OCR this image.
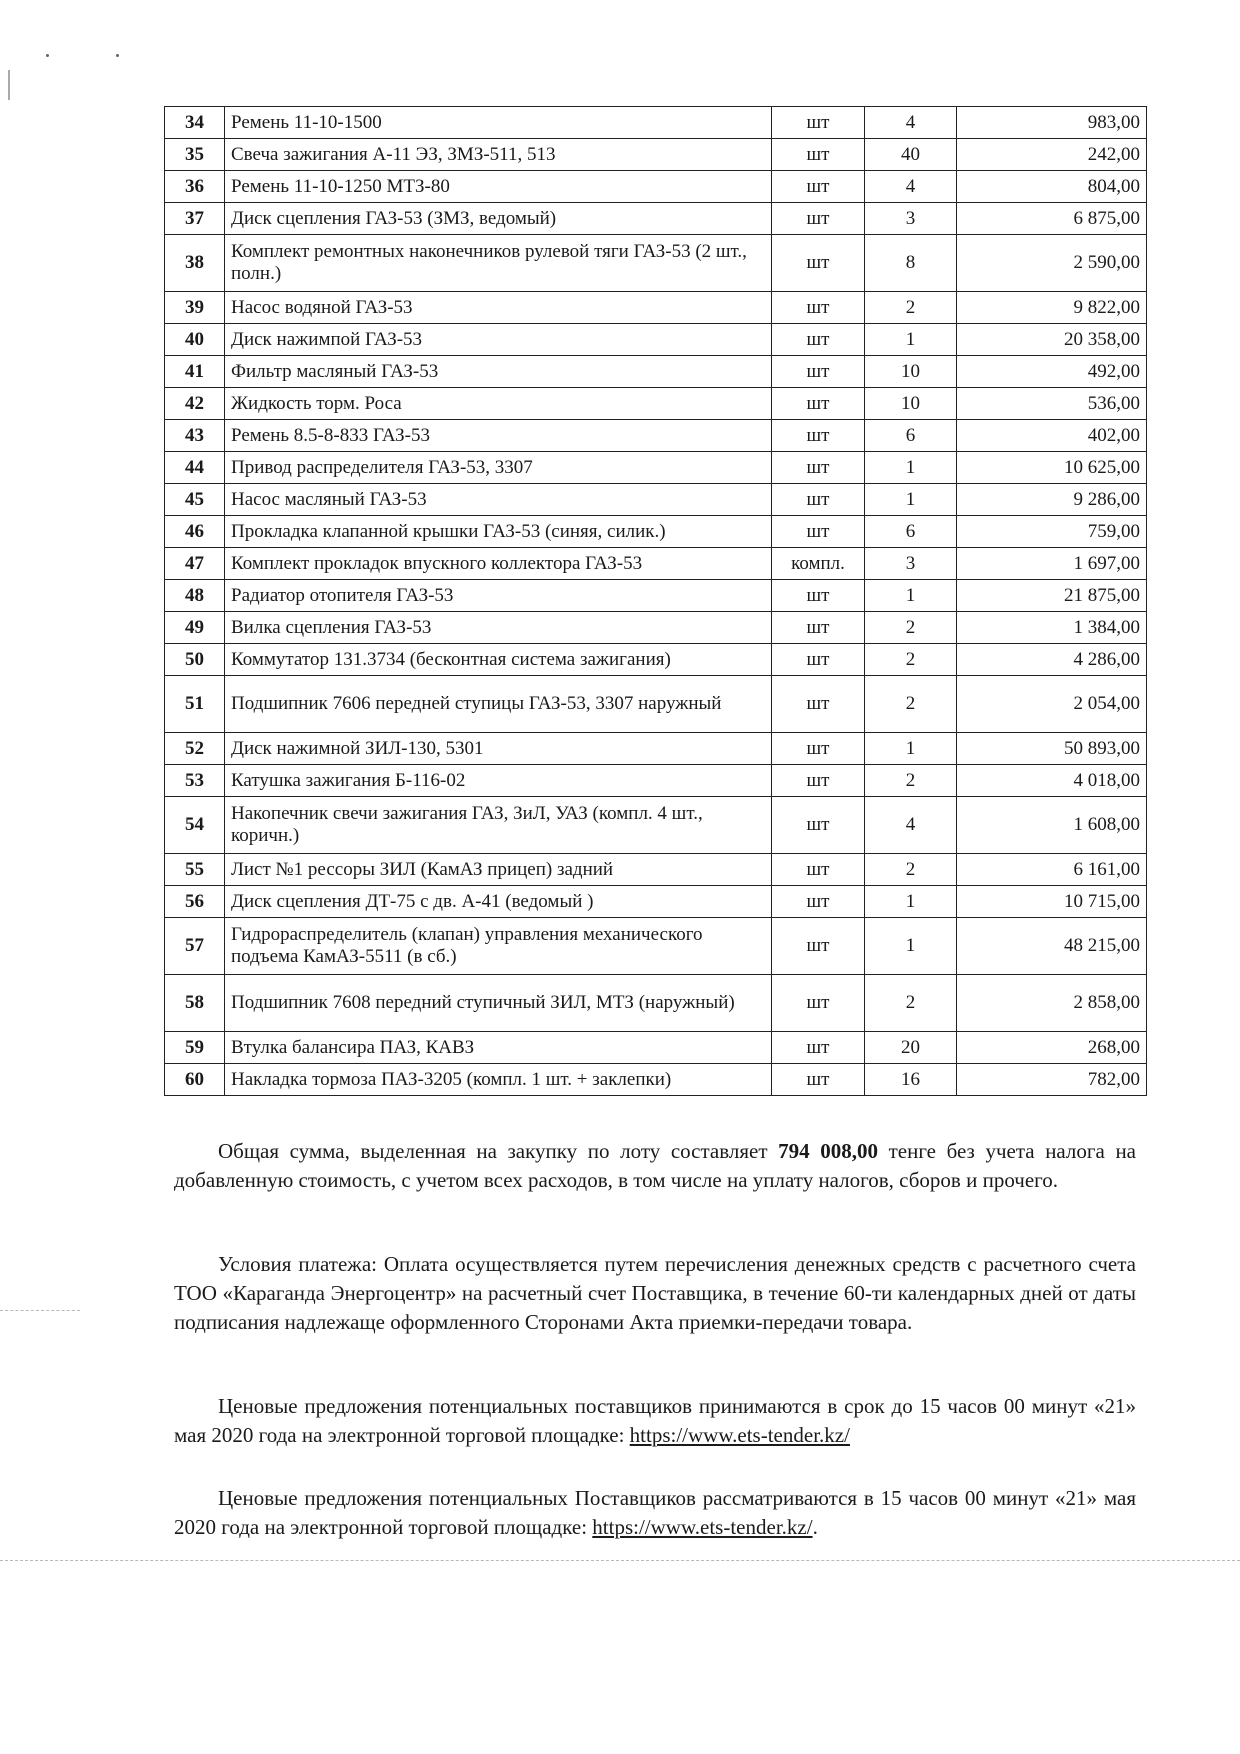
34	Ремень 11-10-1500	шт	4	983,00
35	Свеча зажигания А-11 ЭЗ, ЗМЗ-511, 513	шт	40	242,00
36	Ремень 11-10-1250 МТЗ-80	шт	4	804,00
37	Диск сцепления ГАЗ-53 (ЗМЗ, ведомый)	шт	3	6 875,00
38	Комплект ремонтных наконечников рулевой тяги ГАЗ-53 (2 шт., полн.)	шт	8	2 590,00
39	Насос водяной ГАЗ-53	шт	2	9 822,00
40	Диск нажимпой ГАЗ-53	шт	1	20 358,00
41	Фильтр масляный ГАЗ-53	шт	10	492,00
42	Жидкость торм. Роса	шт	10	536,00
43	Ремень 8.5-8-833 ГАЗ-53	шт	6	402,00
44	Привод распределителя ГАЗ-53, 3307	шт	1	10 625,00
45	Насос масляный ГАЗ-53	шт	1	9 286,00
46	Прокладка клапанной крышки ГАЗ-53 (синяя, силик.)	шт	6	759,00
47	Комплект прокладок впускного коллектора ГАЗ-53	компл.	3	1 697,00
48	Радиатор отопителя ГАЗ-53	шт	1	21 875,00
49	Вилка сцепления ГАЗ-53	шт	2	1 384,00
50	Коммутатор 131.3734 (бесконтная система зажигания)	шт	2	4 286,00
51	Подшипник 7606 передней ступицы ГАЗ-53, 3307 наружный	шт	2	2 054,00
52	Диск нажимной ЗИЛ-130, 5301	шт	1	50 893,00
53	Катушка зажигания Б-116-02	шт	2	4 018,00
54	Накопечник свечи зажигания ГАЗ, ЗиЛ, УАЗ (компл. 4 шт., коричн.)	шт	4	1 608,00
55	Лист №1 рессоры ЗИЛ (КамАЗ прицеп) задний	шт	2	6 161,00
56	Диск сцепления ДТ-75 с дв. А-41 (ведомый )	шт	1	10 715,00
57	Гидрораспределитель (клапан) управления механического подъема КамАЗ-5511 (в сб.)	шт	1	48 215,00
58	Подшипник 7608 передний ступичный ЗИЛ, МТЗ (наружный)	шт	2	2 858,00
59	Втулка балансира ПАЗ, КАВЗ	шт	20	268,00
60	Накладка тормоза ПАЗ-3205 (компл. 1 шт. + заклепки)	шт	16	782,00
Общая сумма, выделенная на закупку по лоту составляет 794 008,00 тенге без учета налога на добавленную стоимость, с учетом всех расходов, в том числе на уплату налогов, сборов и прочего.
Условия платежа: Оплата осуществляется путем перечисления денежных средств с расчетного счета ТОО «Караганда Энергоцентр» на расчетный счет Поставщика, в течение 60-ти календарных дней от даты подписания надлежаще оформленного Сторонами Акта приемки-передачи товара.
Ценовые предложения потенциальных поставщиков принимаются в срок до 15 часов 00 минут «21» мая 2020 года на электронной торговой площадке: https://www.ets-tender.kz/
Ценовые предложения потенциальных Поставщиков рассматриваются в 15 часов 00 минут «21» мая 2020 года на электронной торговой площадке: https://www.ets-tender.kz/.
